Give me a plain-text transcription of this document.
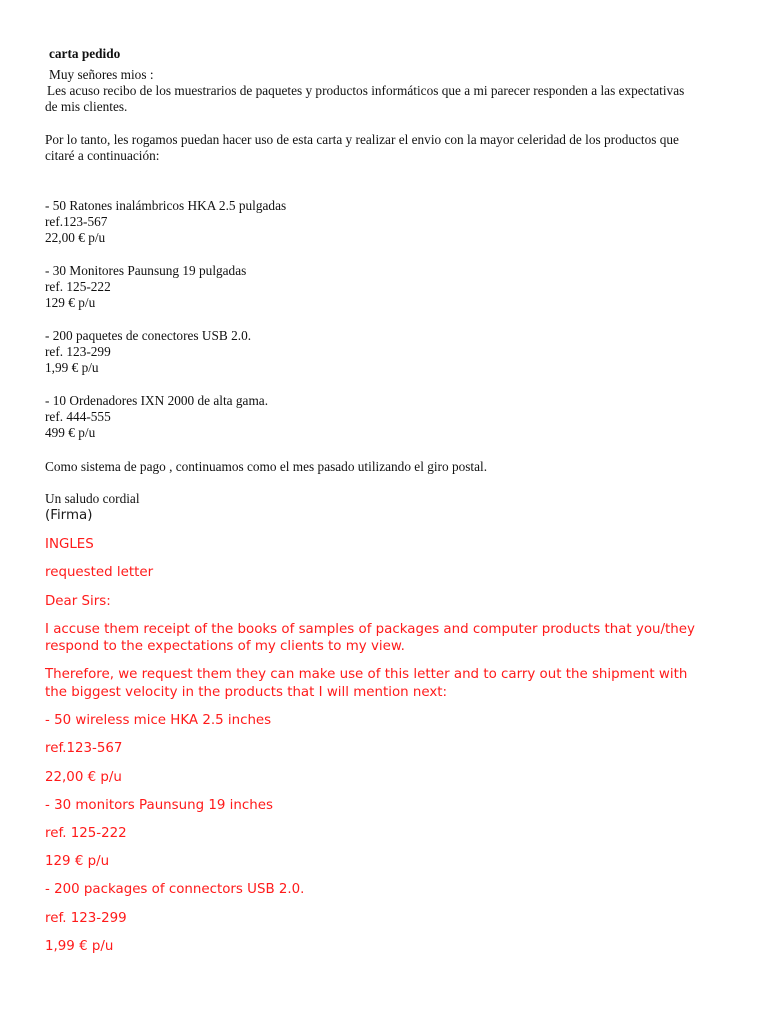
carta pedido

Muy señores mios :

Les acuso recibo de los muestrarios de paquetes y productos informáticos que a mi parecer responden a las expectativas

de mis clientes.

Por lo tanto, les rogamos puedan hacer uso de esta carta y realizar el envio con la mayor celeridad de los productos que

citaré a continuación:

- 50 Ratones inalámbricos HKA 2.5 pulgadas

ref.123-567

22,00 € p/u

- 30 Monitores Paunsung 19 pulgadas

ref. 125-222

129 € p/u

- 200 paquetes de conectores USB 2.0.

ref. 123-299

1,99 € p/u

- 10 Ordenadores IXN 2000 de alta gama.

ref. 444-555

499 € p/u

Como sistema de pago , continuamos como el mes pasado utilizando el giro postal.

Un saludo cordial

(Firma)

INGLES

requested letter

Dear Sirs:

I accuse them receipt of the books of samples of packages and computer products that you/they

respond to the expectations of my clients to my view.

Therefore, we request them they can make use of this letter and to carry out the shipment with

the biggest velocity in the products that I will mention next:

- 50 wireless mice HKA 2.5 inches

ref.123-567

22,00 € p/u

- 30 monitors Paunsung 19 inches

ref. 125-222

129 € p/u

- 200 packages of connectors USB 2.0.

ref. 123-299

1,99 € p/u
